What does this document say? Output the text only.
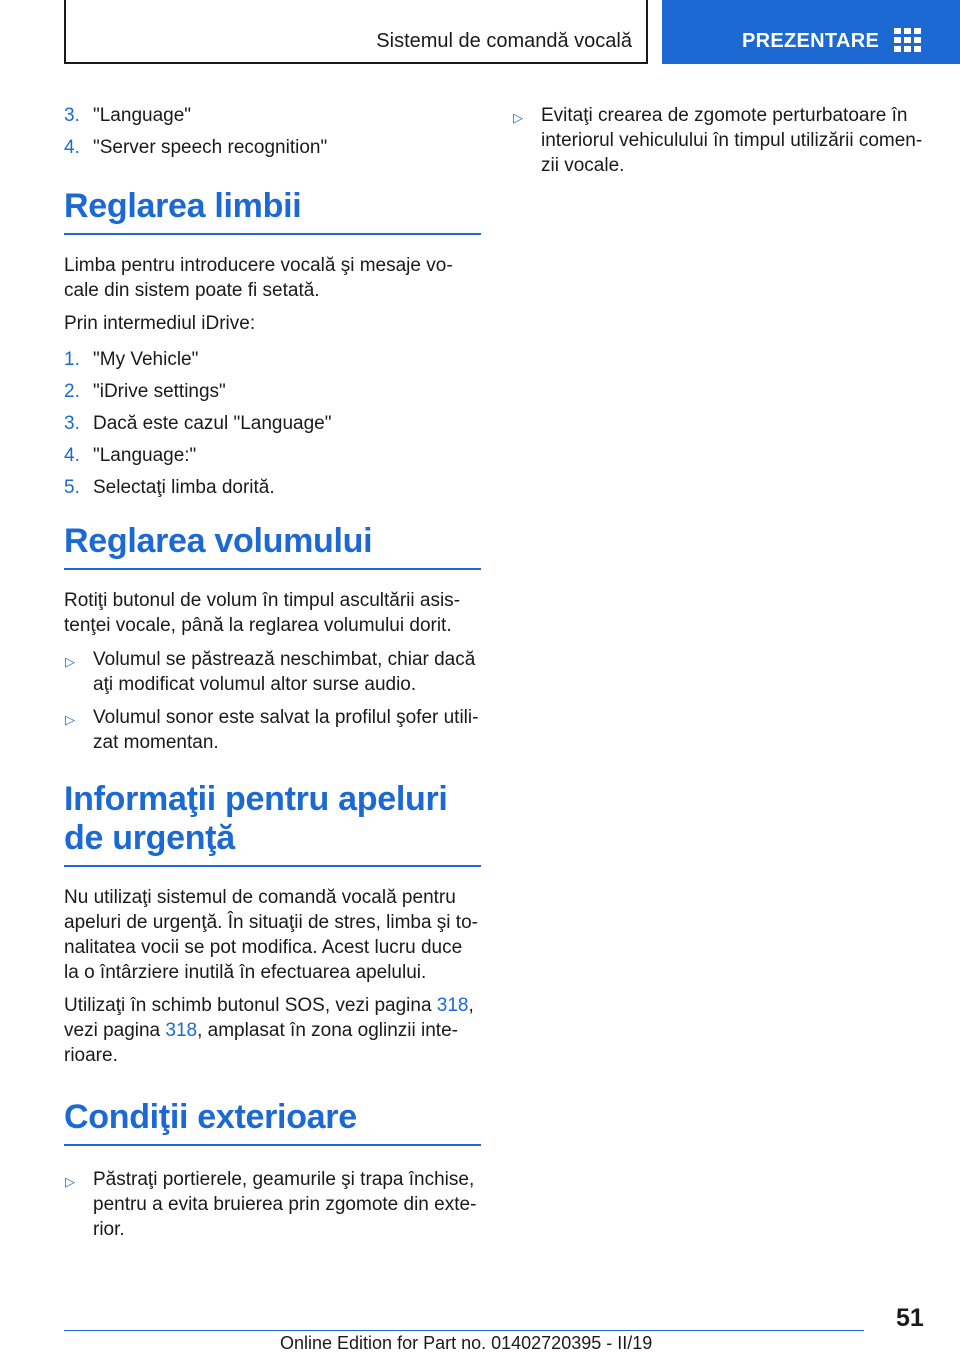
Sistemul de comandă vocală	PREZENTARE
3. "Language"
4. "Server speech recognition"
Reglarea limbii

Limba pentru introducere vocală şi mesaje vocale din sistem poate fi setată.

Prin intermediul iDrive:

1. "My Vehicle"
2. "iDrive settings"
3. Dacă este cazul "Language"
4. "Language:"
5. Selectaţi limba dorită.
Reglarea volumului

Rotiţi butonul de volum în timpul ascultării asistenţei vocale, până la reglarea volumului dorit.

▷ Volumul se păstrează neschimbat, chiar dacă aţi modificat volumul altor surse audio.
▷ Volumul sonor este salvat la profilul şofer utilizat momentan.
Informaţii pentru apeluri de urgenţă

Nu utilizaţi sistemul de comandă vocală pentru apeluri de urgenţă. În situaţii de stres, limba şi tonalitatea vocii se pot modifica. Acest lucru duce la o întârziere inutilă în efectuarea apelului.

Utilizaţi în schimb butonul SOS, vezi pagina 318, vezi pagina 318, amplasat în zona oglinzii interioare.

Condiţii exterioare
▷ Păstraţi portierele, geamurile şi trapa închise, pentru a evita bruierea prin zgomote din exterior.
▷ Evitaţi crearea de zgomote perturbatoare în interiorul vehiculului în timpul utilizării comenzii vocale.
51
Online Edition for Part no. 01402720395 - II/19
